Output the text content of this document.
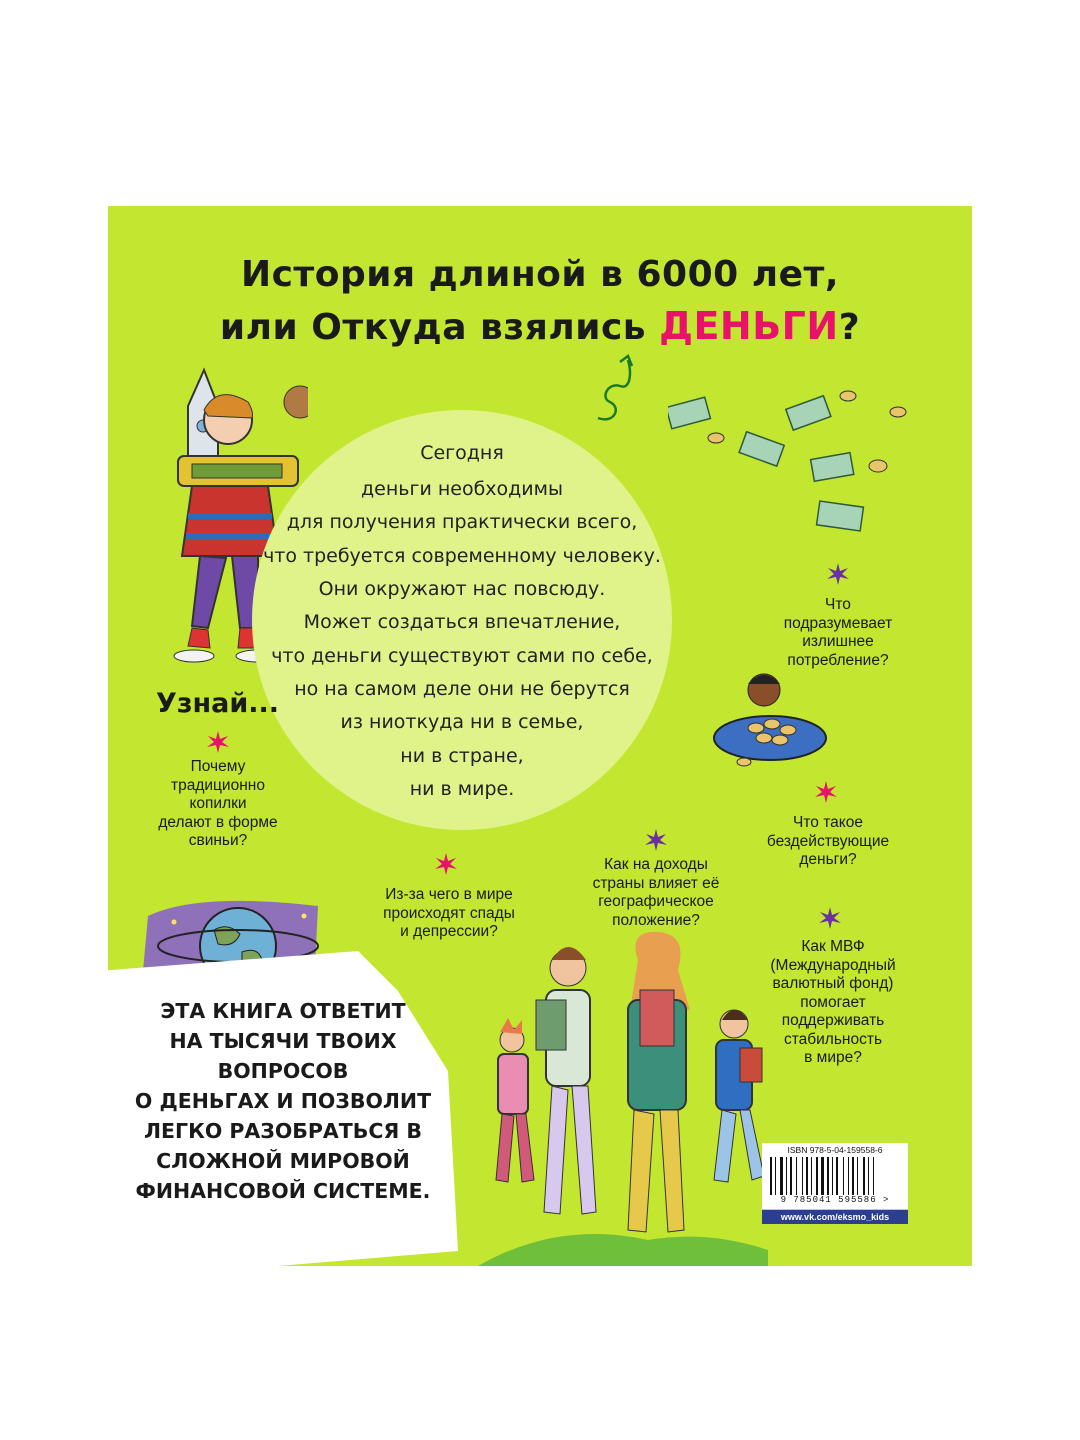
История длиной в 6000 лет,
или Откуда взялись ДЕНЬГИ?
Сегодня
деньги необходимы
для получения практически всего,
что требуется современному человеку.
Они окружают нас повсюду.
Может создаться впечатление,
что деньги существуют сами по себе,
но на самом деле они не берутся
из ниоткуда ни в семье,
ни в стране,
ни в мире.
Узнай...
Что
подразумевает
излишнее
потребление?
Почему
традиционно
копилки
делают в форме
свиньи?
Что такое
бездействующие
деньги?
Как на доходы
страны влияет её
географическое
положение?
Из-за чего в мире
происходят спады
и депрессии?
Как МВФ
(Международный
валютный фонд)
помогает
поддерживать
стабильность
в мире?
ЭТА КНИГА ОТВЕТИТ
НА ТЫСЯЧИ ТВОИХ ВОПРОСОВ
О ДЕНЬГАХ И ПОЗВОЛИТ
ЛЕГКО РАЗОБРАТЬСЯ В
СЛОЖНОЙ МИРОВОЙ
ФИНАНСОВОЙ СИСТЕМЕ.
ISBN 978-5-04-159558-6
9 785041 595586 >
www.vk.com/eksmo_kids
